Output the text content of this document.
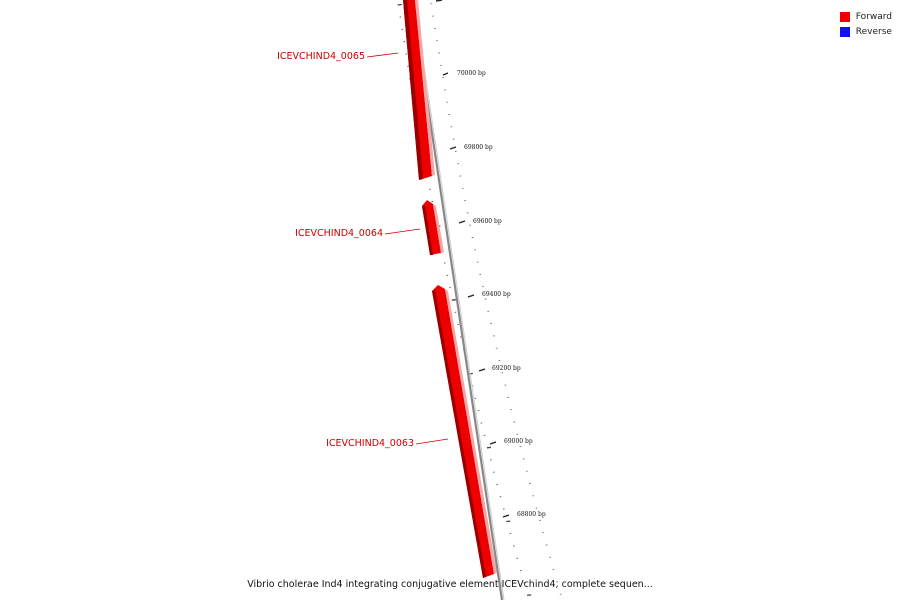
ICEVCHIND4_0065
ICEVCHIND4_0064
ICEVCHIND4_0063
70000 bp
69800 bp
69600 bp
69400 bp
69200 bp
69000 bp
68800 bp
Forward
Reverse
Vibrio cholerae Ind4 integrating conjugative element ICEVchind4, complete sequen...
